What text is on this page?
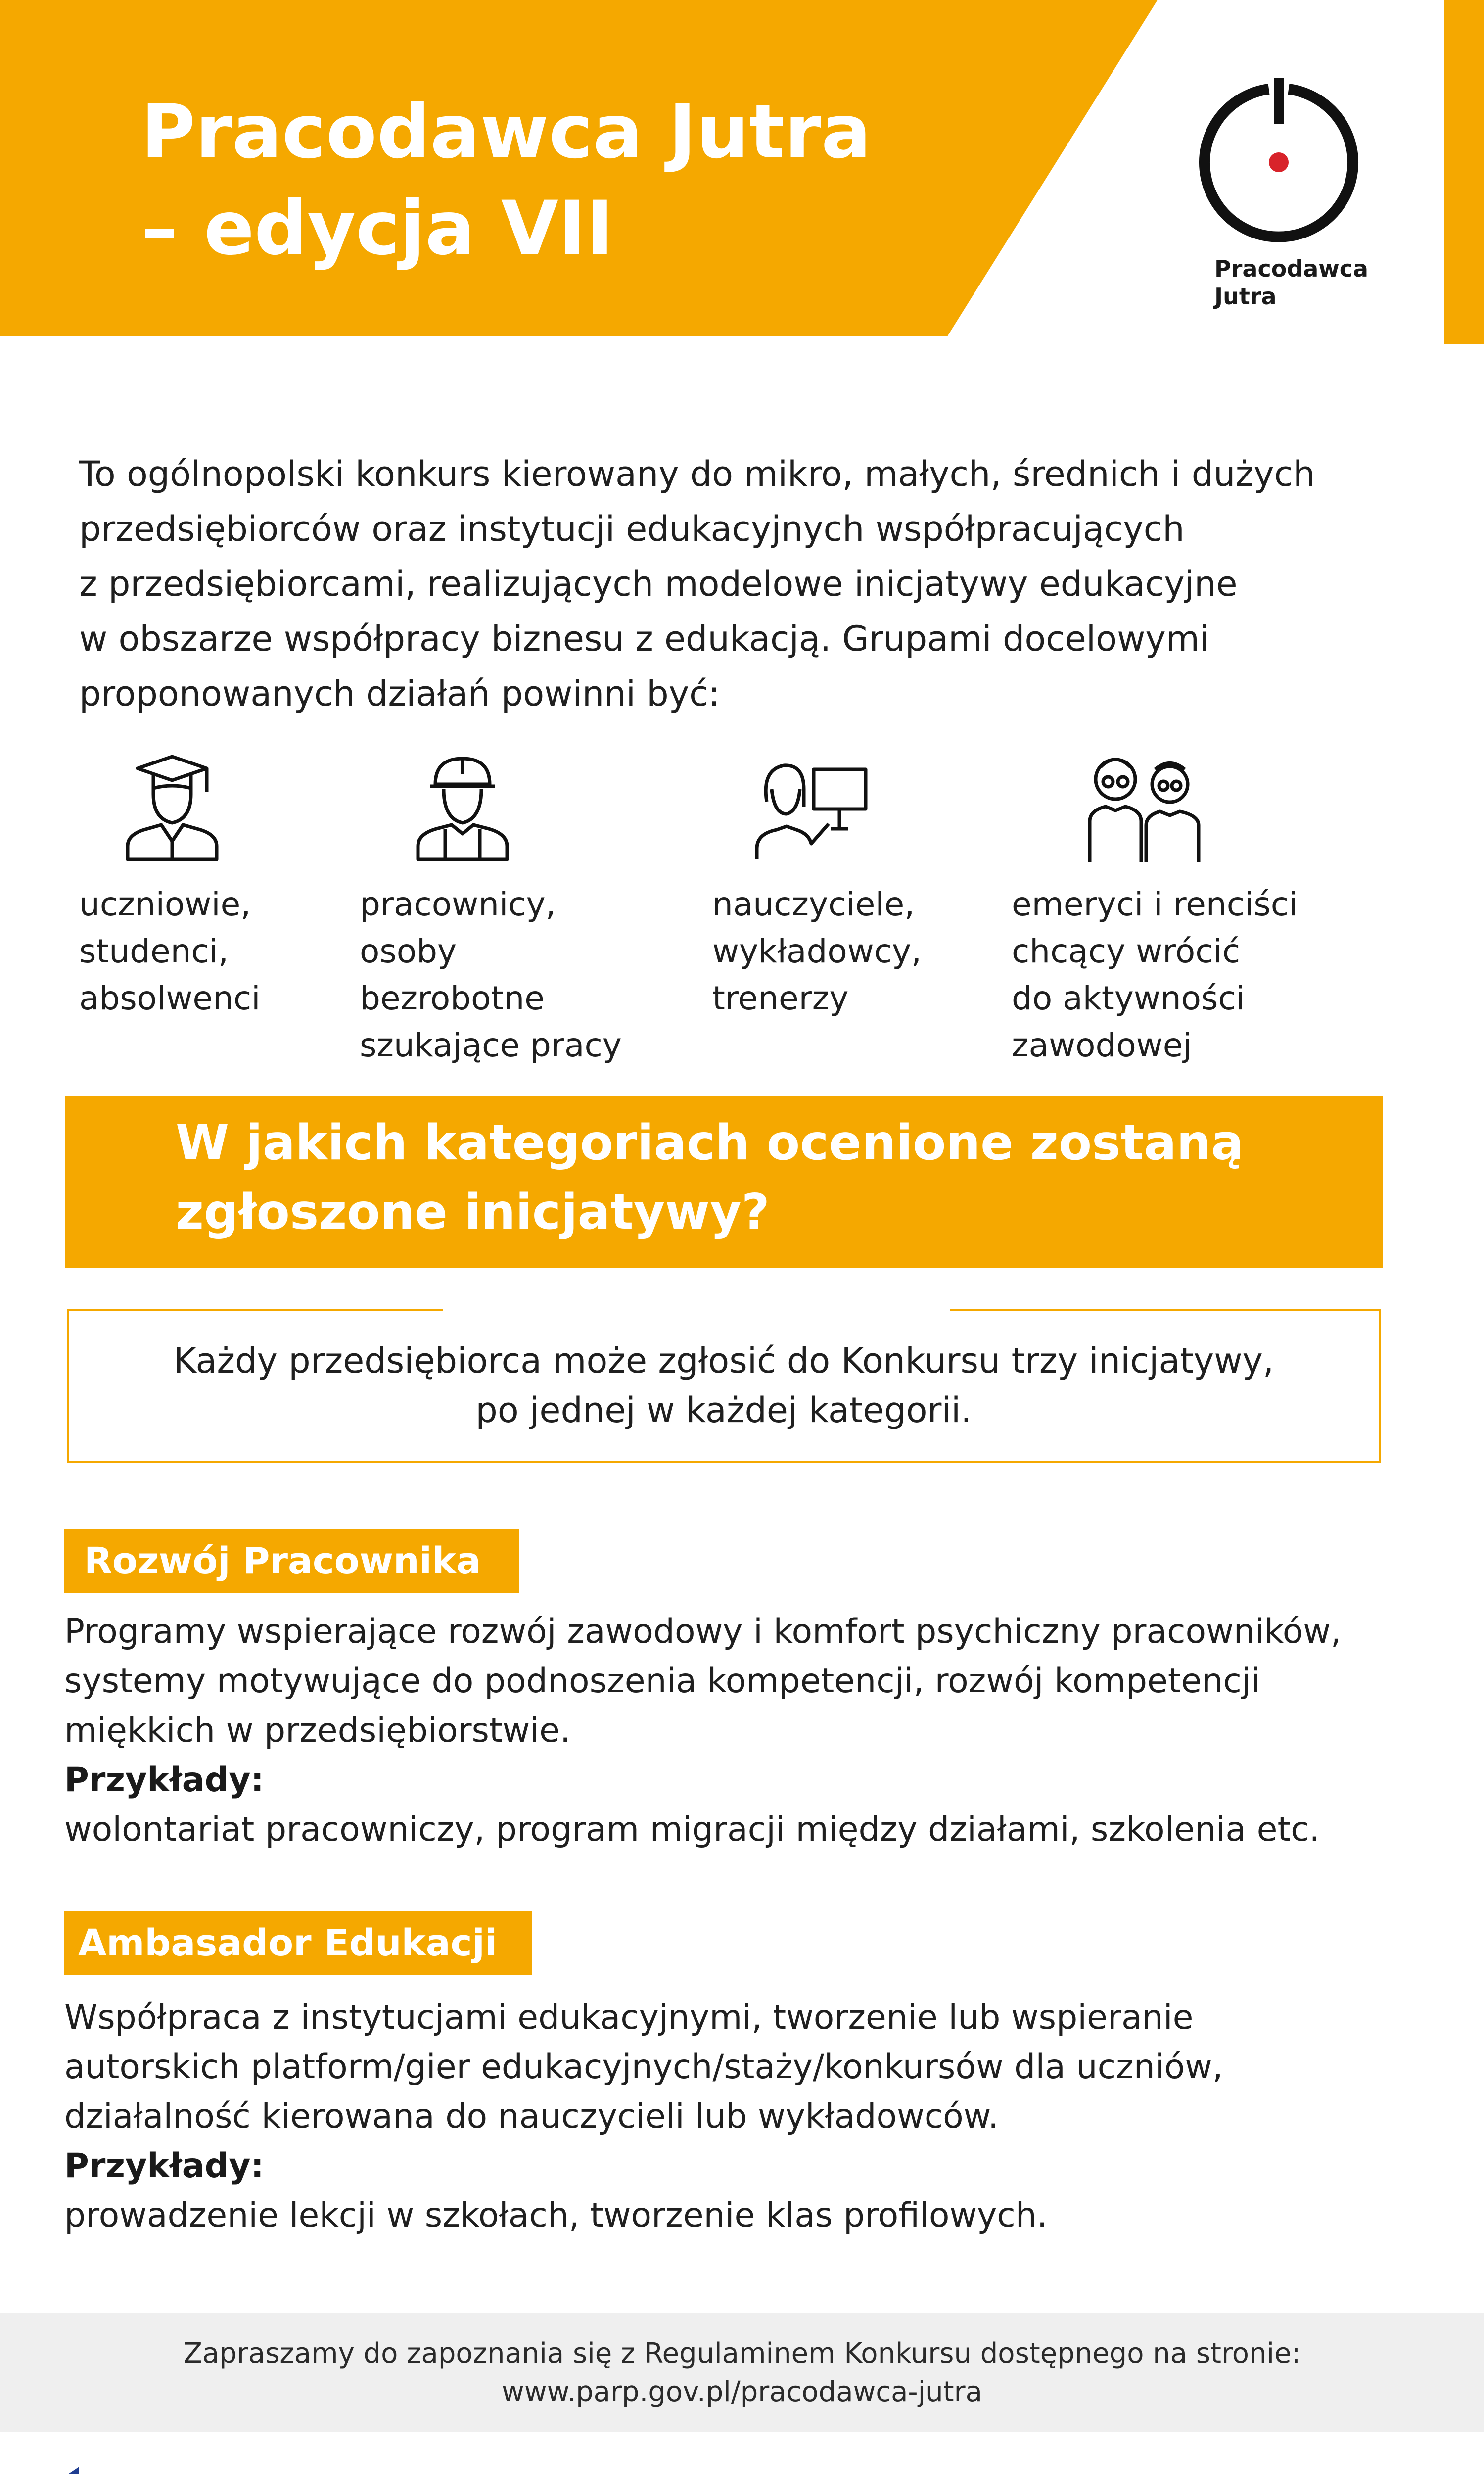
Pracodawca Jutra
– edycja VII	Pracodawca
Jutra
To ogólnopolski konkurs kierowany do mikro, małych, średnich i dużych
przedsiębiorców oraz instytucji edukacyjnych współpracujących
z przedsiębiorcami, realizujących modelowe inicjatywy edukacyjne
w obszarze współpracy biznesu z edukacją. Grupami docelowymi
proponowanych działań powinni być:
uczniowie,
studenci,
absolwenci
pracownicy,
osoby
bezrobotne
szukające pracy
nauczyciele,
wykładowcy,
trenerzy
emeryci i renciści
chcący wrócić
do aktywności
zawodowej
W jakich kategoriach ocenione zostaną
zgłoszone inicjatywy?
Każdy przedsiębiorca może zgłosić do Konkursu trzy inicjatywy,
po jednej w każdej kategorii.
Rozwój Pracownika
Programy wspierające rozwój zawodowy i komfort psychiczny pracowników,
systemy motywujące do podnoszenia kompetencji, rozwój kompetencji
miękkich w przedsiębiorstwie.
Przykłady:
wolontariat pracowniczy, program migracji między działami, szkolenia etc.
Ambasador Edukacji
Współpraca z instytucjami edukacyjnymi, tworzenie lub wspieranie
autorskich platform/gier edukacyjnych/staży/konkursów dla uczniów,
działalność kierowana do nauczycieli lub wykładowców.
Przykłady:
prowadzenie lekcji w szkołach, tworzenie klas profilowych.
Zapraszamy do zapoznania się z Regulaminem Konkursu dostępnego na stronie:
www.parp.gov.pl/pracodawca-jutra
